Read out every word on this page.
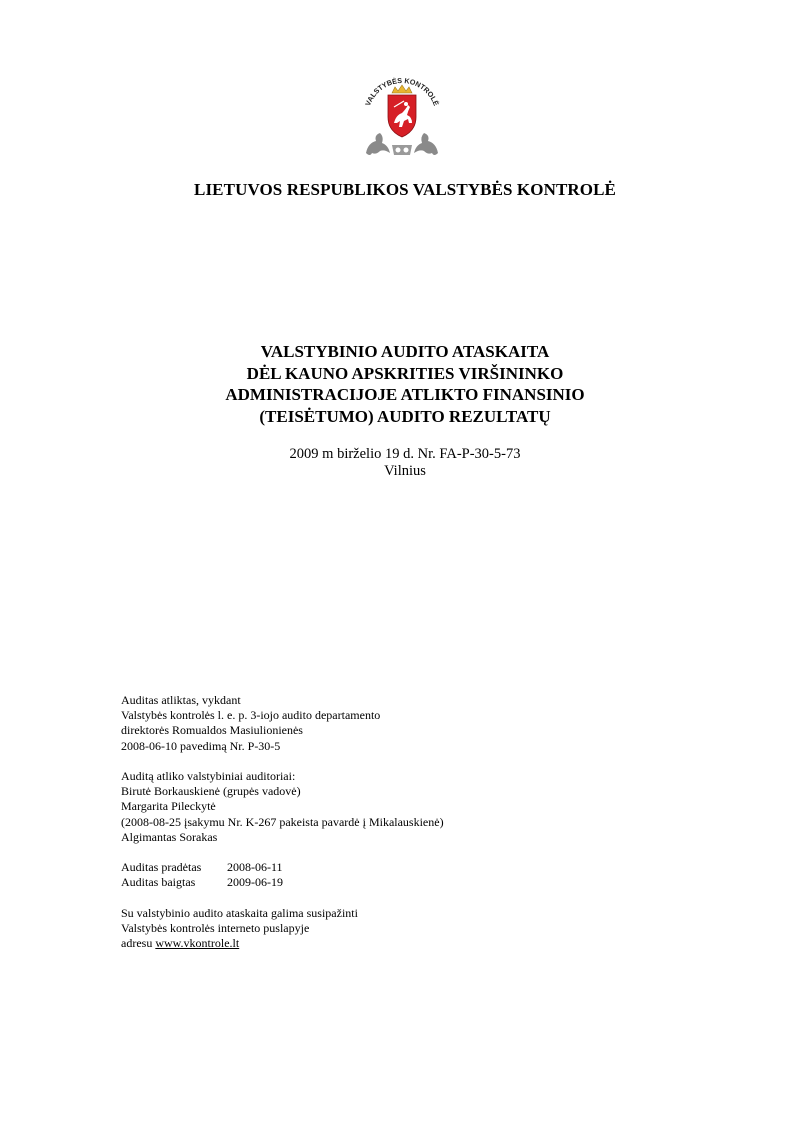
VALSTYBĖS KONTROLĖ
LIETUVOS RESPUBLIKOS VALSTYBĖS KONTROLĖ
VALSTYBINIO AUDITO ATASKAITA
DĖL KAUNO APSKRITIES VIRŠININKO
ADMINISTRACIJOJE ATLIKTO FINANSINIO
(TEISĖTUMO) AUDITO REZULTATŲ
2009 m birželio 19 d. Nr. FA-P-30-5-73
Vilnius
Auditas atliktas, vykdant
Valstybės kontrolės l. e. p. 3-iojo audito departamento
direktorės Romualdos Masiulionienės
2008-06-10 pavedimą Nr. P-30-5
Auditą atliko valstybiniai auditoriai:
Birutė Borkauskienė (grupės vadovė)
Margarita Pileckytė
(2008-08-25 įsakymu Nr. K-267 pakeista pavardė į Mikalauskienė)
Algimantas Sorakas
Auditas pradėtas	2008-06-11
Auditas baigtas	2009-06-19
Su valstybinio audito ataskaita galima susipažinti
Valstybės kontrolės interneto puslapyje
adresu www.vkontrole.lt
